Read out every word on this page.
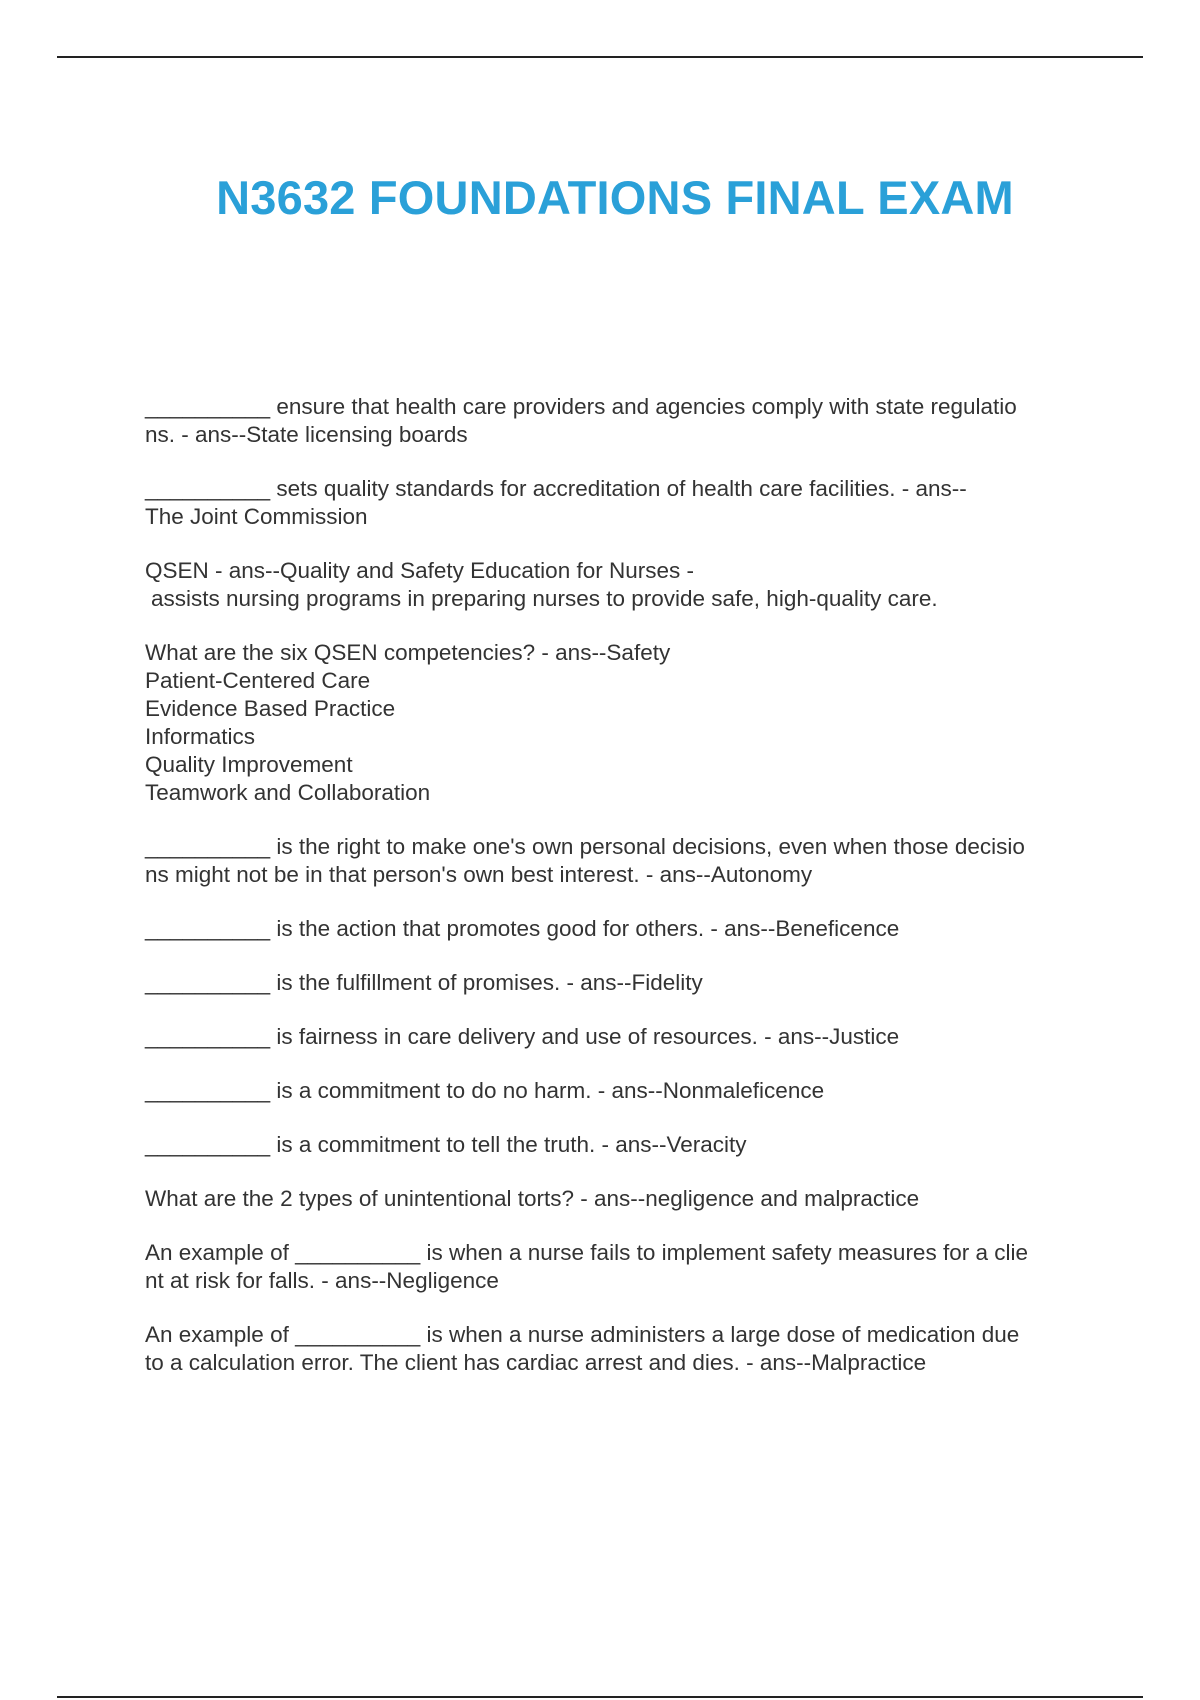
N3632 FOUNDATIONS FINAL EXAM
__________ ensure that health care providers and agencies comply with state regulatio
ns. - ans--State licensing boards
__________ sets quality standards for accreditation of health care facilities. - ans--
The Joint Commission
QSEN - ans--Quality and Safety Education for Nurses -
assists nursing programs in preparing nurses to provide safe, high-quality care.
What are the six QSEN competencies? - ans--Safety
Patient-Centered Care
Evidence Based Practice
Informatics
Quality Improvement
Teamwork and Collaboration
__________ is the right to make one's own personal decisions, even when those decisio
ns might not be in that person's own best interest. - ans--Autonomy
__________ is the action that promotes good for others. - ans--Beneficence
__________ is the fulfillment of promises. - ans--Fidelity
__________ is fairness in care delivery and use of resources. - ans--Justice
__________ is a commitment to do no harm. - ans--Nonmaleficence
__________ is a commitment to tell the truth. - ans--Veracity
What are the 2 types of unintentional torts? - ans--negligence and malpractice
An example of __________ is when a nurse fails to implement safety measures for a clie
nt at risk for falls. - ans--Negligence
An example of __________ is when a nurse administers a large dose of medication due
to a calculation error. The client has cardiac arrest and dies. - ans--Malpractice
